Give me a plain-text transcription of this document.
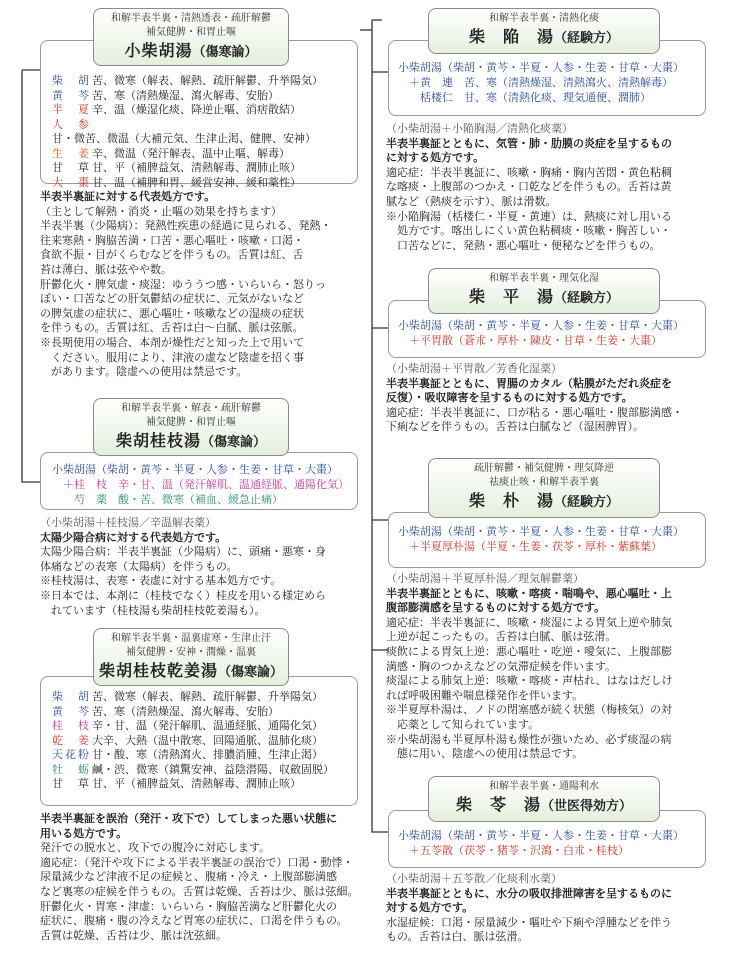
和解半表半裏・清熱透表・疏肝解鬱
補気健脾・和胃止嘔
小柴胡湯（傷寒論）
柴　胡苦、微寒（解表、解熱、疏肝解鬱、升挙陽気）
黄　芩苦、寒（清熱燥湿、瀉火解毒、安胎）
半　夏辛、温（燥湿化痰、降逆止嘔、消痞散結）
人　参甘・微苦、微温（大補元気、生津止渇、健脾、安神）
生　姜辛、微温（発汗解表、温中止嘔、解毒）
甘　草甘、平（補脾益気、清熱解毒、潤肺止咳）
大　棗甘、温（補脾和胃、緩営安神、緩和薬性）
半表半裏証に対する代表処方です。
（主として解熱・消炎・止嘔の効果を持ちます）
半表半裏（少陽病）：発熱性疾患の経過に見られる、発熱・
往来寒熱・胸脇苦満・口苦・悪心嘔吐・咳嗽・口渇・
食欲不振・目がくらむなどを伴うもの。舌質は紅、舌
苔は薄白、脈は弦やや数。
肝鬱化火・脾気虚・痰湿：ゆううつ感・いらいら・怒りっ
ぽい・口苦などの肝気鬱結の症状に、元気がないなど
の脾気虚の症状に、悪心嘔吐・咳嗽などの湿痰の症状
を伴うもの。舌質は紅、舌苔は白～白膩、脈は弦脈。
※長期使用の場合、本剤が燥性だと知った上で用いて
　ください。服用により、津液の虚など陰虚を招く事
　があります。陰虚への使用は禁忌です。
和解半表半裏・解表・疏肝解鬱
補気健脾・和胃止嘔
柴胡桂枝湯（傷寒論）
小柴胡湯（柴胡・黄芩・半夏・人参・生姜・甘草・大棗）
　＋桂　枝　辛・甘、温（発汗解肌、温通経脈、通陽化気）
　　芍　薬　酸・苦、微寒（補血、緩急止痛）
（小柴胡湯＋桂枝湯／辛温解表薬）
太陽少陽合病に対する代表処方です。
太陽少陽合病：半表半裏証（少陽病）に、頭痛・悪寒・身
体痛などの表寒（太陽病）を伴うもの。
※桂枝湯は、表寒・表虚に対する基本処方です。
※日本では、本剤に（桂枝でなく）桂皮を用いる様定めら
　れています（桂枝湯も柴胡桂枝乾姜湯も）。
和解半表半裏・温裏虚寒・生津止汗
補気健脾・安神・潤燥・温裏
柴胡桂枝乾姜湯（傷寒論）
柴　胡苦、微寒（解表、解熱、疏肝解鬱、升挙陽気）
黄　芩苦、寒（清熱燥湿、瀉火解毒、安胎）
桂　枝辛・甘、温（発汗解肌、温通経脈、通陽化気）
乾　姜大辛、大熱（温中散寒、回陽通脈、温肺化痰）
天花粉甘・酸、寒（清熱瀉火、排膿消腫、生津止渇）
牡　蛎鹹・渋、微寒（鎮驚安神、益陰潜陽、収斂固脱）
甘　草甘、平（補脾益気、清熱解毒、潤肺止咳）
半表半裏証を誤治（発汗・攻下で）してしまった悪い状態に
用いる処方です。
発汗での脱水と、攻下での腹冷に対応します。
適応症：（発汗や攻下による半表半裏証の誤治で）口渇・動悸・
尿量減少など津液不足の症候と、腹痛・冷え・上腹部膨満感
など裏寒の症候を伴うもの。舌質は乾燥、舌苔は少、脈は弦細。
肝鬱化火・胃寒・津虚：いらいら・胸脇苦満など肝鬱化火の
症状に、腹痛・腹の冷えなど胃寒の症状に、口渇を伴うもの。
舌質は乾燥、舌苔は少、脈は沈弦細。
和解半表半裏・清熱化痰
柴　陥　湯（経験方）
小柴胡湯（柴胡・黄芩・半夏・人参・生姜・甘草・大棗）
　＋黄　連　苦、寒（清熱燥湿、清熱瀉火、清熱解毒）
　　栝楼仁　甘、寒（清熱化痰、理気通便、潤肺）
（小柴胡湯＋小陥胸湯／清熱化痰薬）
半表半裏証とともに、気管・肺・肋膜の炎症を呈するもの
に対する処方です。
適応症：半表半裏証に、咳嗽・胸痛・胸内苦悶・黄色粘稠
な喀痰・上腹部のつかえ・口乾などを伴うもの。舌苔は黄
膩など（熱痰を示す）、脈は滑数。
※小陥胸湯（栝楼仁・半夏・黄連）は、熱痰に対し用いる
　処方です。喀出しにくい黄色粘稠痰・咳嗽・胸苦しい・
　口苦などに、発熱・悪心嘔吐・便秘などを伴うもの。
和解半表半裏・理気化湿
柴　平　湯（経験方）
小柴胡湯（柴胡・黄芩・半夏・人参・生姜・甘草・大棗）
　＋平胃散（蒼朮・厚朴・陳皮・甘草・生姜・大棗）
（小柴胡湯＋平胃散／芳香化湿薬）
半表半裏証とともに、胃腸のカタル（粘膜がただれ炎症を
反復）・吸収障害を呈するものに対する処方です。
適応症：半表半裏証に、口が粘る・悪心嘔吐・腹部膨満感・
下痢などを伴うもの。舌苔は白膩など（湿困脾胃）。
疏肝解鬱・補気健脾・理気降逆
祛痰止咳・和解半表半裏
柴　朴　湯（経験方）
小柴胡湯（柴胡・黄芩・半夏・人参・生姜・甘草・大棗）
　＋半夏厚朴湯（半夏・生姜・茯苓・厚朴・紫蘇葉）
（小柴胡湯＋半夏厚朴湯／理気解鬱薬）
半表半裏証とともに、咳嗽・喀痰・喘鳴や、悪心嘔吐・上
腹部膨満感を呈するものに対する処方です。
適応症：半表半裏証に、咳嗽・痰湿による胃気上逆や肺気
上逆が起こったもの。舌苔は白膩、脈は弦滑。
痰飲による胃気上逆：悪心嘔吐・吃逆・噯気に、上腹部膨
満感・胸のつかえなどの気滞症候を伴います。
痰湿による肺気上逆：咳嗽・喀痰・声枯れ、はなはだしけ
れば呼吸困難や喘息様発作を伴います。
※半夏厚朴湯は、ノドの閉塞感が続く状態（梅核気）の対
　応薬として知られています。
※小柴胡湯も半夏厚朴湯も燥性が強いため、必ず痰湿の病
　態に用い、陰虚への使用は禁忌です。
和解半表半裏・通陽利水
柴　苓　湯（世医得効方）
小柴胡湯（柴胡・黄芩・半夏・人参・生姜・甘草・大棗）
　＋五苓散（茯苓・猪苓・沢瀉・白朮・桂枝）
（小柴胡湯＋五苓散／化痰利水薬）
半表半裏証とともに、水分の吸収排泄障害を呈するものに
対する処方です。
水湿症候：口渇・尿量減少・嘔吐や下痢や浮腫などを伴う
もの。舌苔は白、脈は弦滑。
